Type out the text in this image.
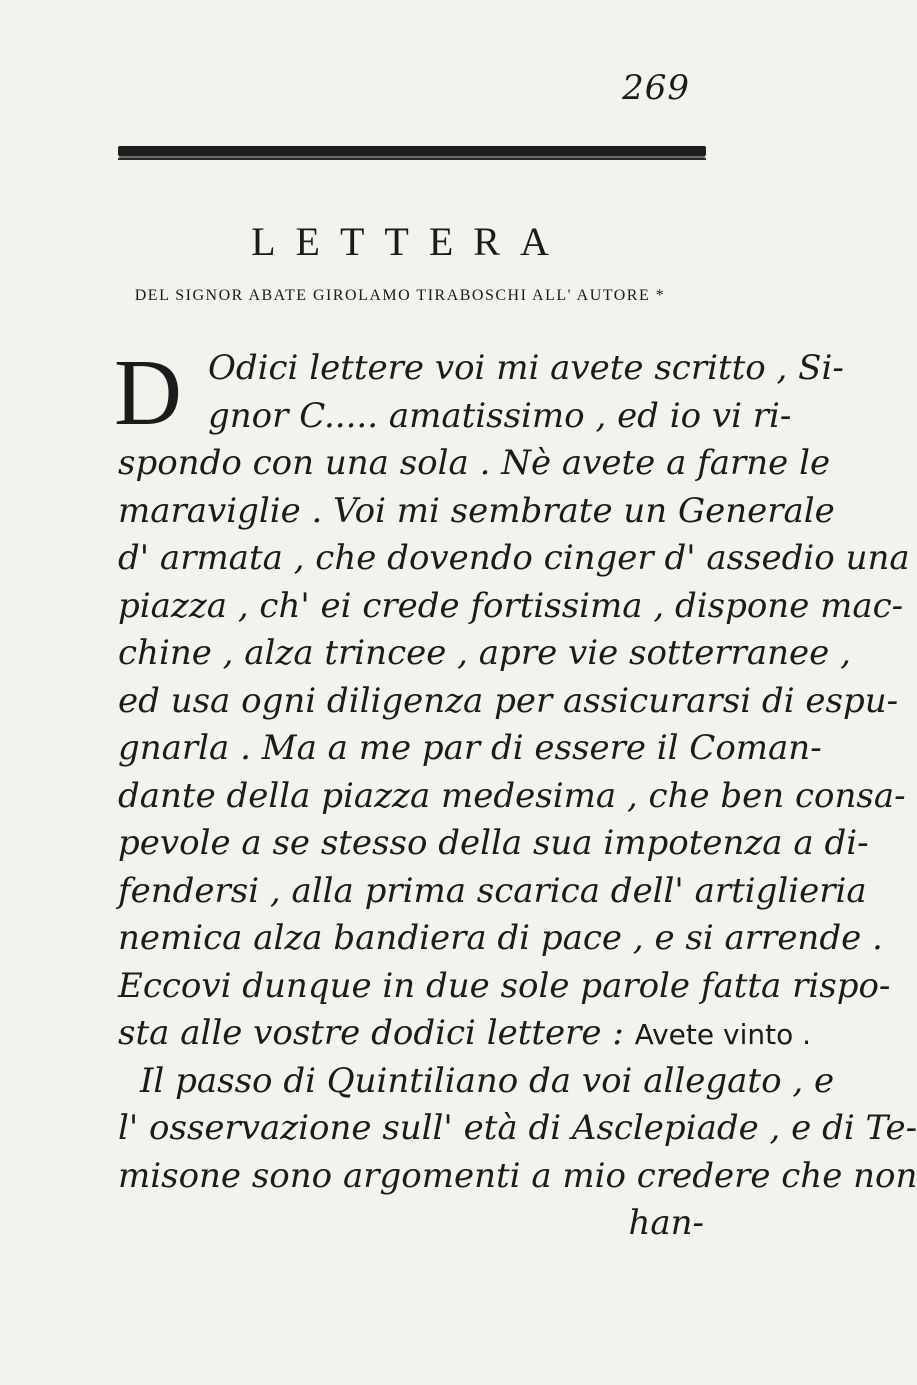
269
LETTERA
DEL SIGNOR ABATE GIROLAMO TIRABOSCHI ALL' AUTORE *
D Odici lettere voi mi avete scritto , Si-
gnor C..... amatissimo , ed io vi ri-
spondo con una sola . Nè avete a farne le
maraviglie . Voi mi sembrate un Generale
d' armata , che dovendo cinger d' assedio una
piazza , ch' ei crede fortissima , dispone mac-
chine , alza trincee , apre vie sotterranee ,
ed usa ogni diligenza per assicurarsi di espu-
gnarla . Ma a me par di essere il Coman-
dante della piazza medesima , che ben consa-
pevole a se stesso della sua impotenza a di-
fendersi , alla prima scarica dell' artiglieria
nemica alza bandiera di pace , e si arrende .
Eccovi dunque in due sole parole fatta rispo-
sta alle vostre dodici lettere : Avete vinto .
Il passo di Quintiliano da voi allegato , e
l' osservazione sull' età di Asclepiade , e di Te-
misone sono argomenti a mio credere che non
han-
